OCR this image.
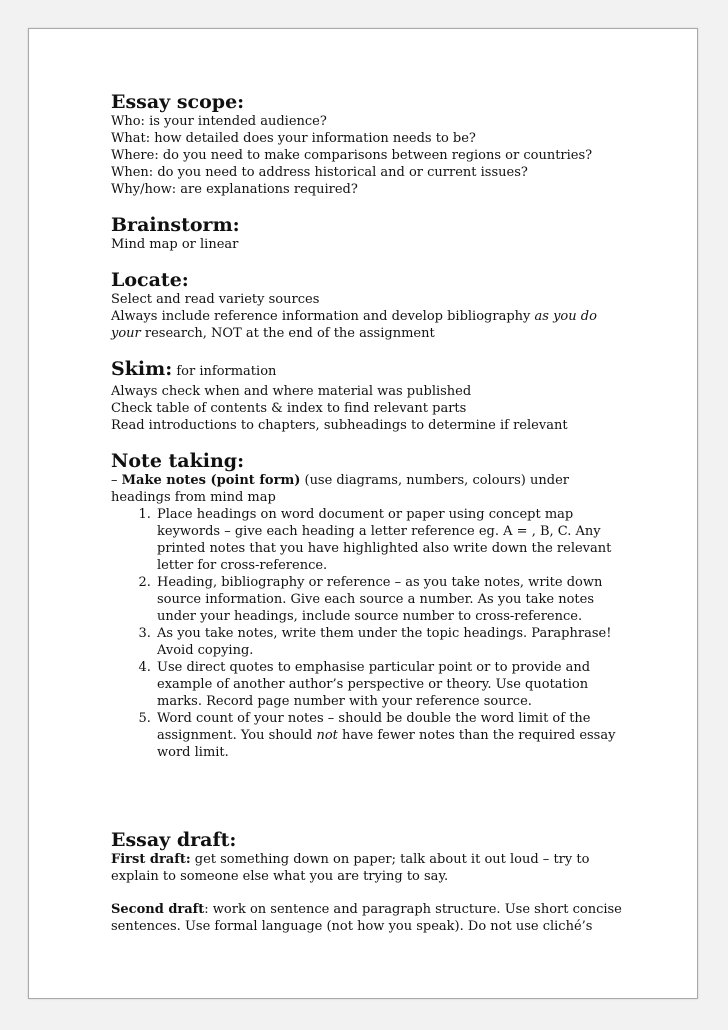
Essay scope:

Who: is your intended audience?

What: how detailed does your information needs to be?

Where: do you need to make comparisons between regions or countries?

When: do you need to address historical and or current issues?

Why/how: are explanations required?

Brainstorm:

Mind map or linear

Locate:

Select and read variety sources

Always include reference information and develop bibliography as you do

your research, NOT at the end of the assignment

Skim: for information

Always check when and where material was published

Check table of contents & index to find relevant parts

Read introductions to chapters, subheadings to determine if relevant

Note taking:

– Make notes (point form) (use diagrams, numbers, colours) under

headings from mind map

1. Place headings on word document or paper using concept map
keywords – give each heading a letter reference eg. A = , B, C. Any
printed notes that you have highlighted also write down the relevant
letter for cross-reference.
2. Heading, bibliography or reference – as you take notes, write down
source information. Give each source a number. As you take notes
under your headings, include source number to cross-reference.
3. As you take notes, write them under the topic headings. Paraphrase!
Avoid copying.
4. Use direct quotes to emphasise particular point or to provide and
example of another author’s perspective or theory. Use quotation
marks. Record page number with your reference source.
5. Word count of your notes – should be double the word limit of the
assignment. You should not have fewer notes than the required essay
word limit.

Essay draft:

First draft: get something down on paper; talk about it out loud – try to

explain to someone else what you are trying to say.

Second draft: work on sentence and paragraph structure. Use short concise

sentences. Use formal language (not how you speak). Do not use cliché’s
